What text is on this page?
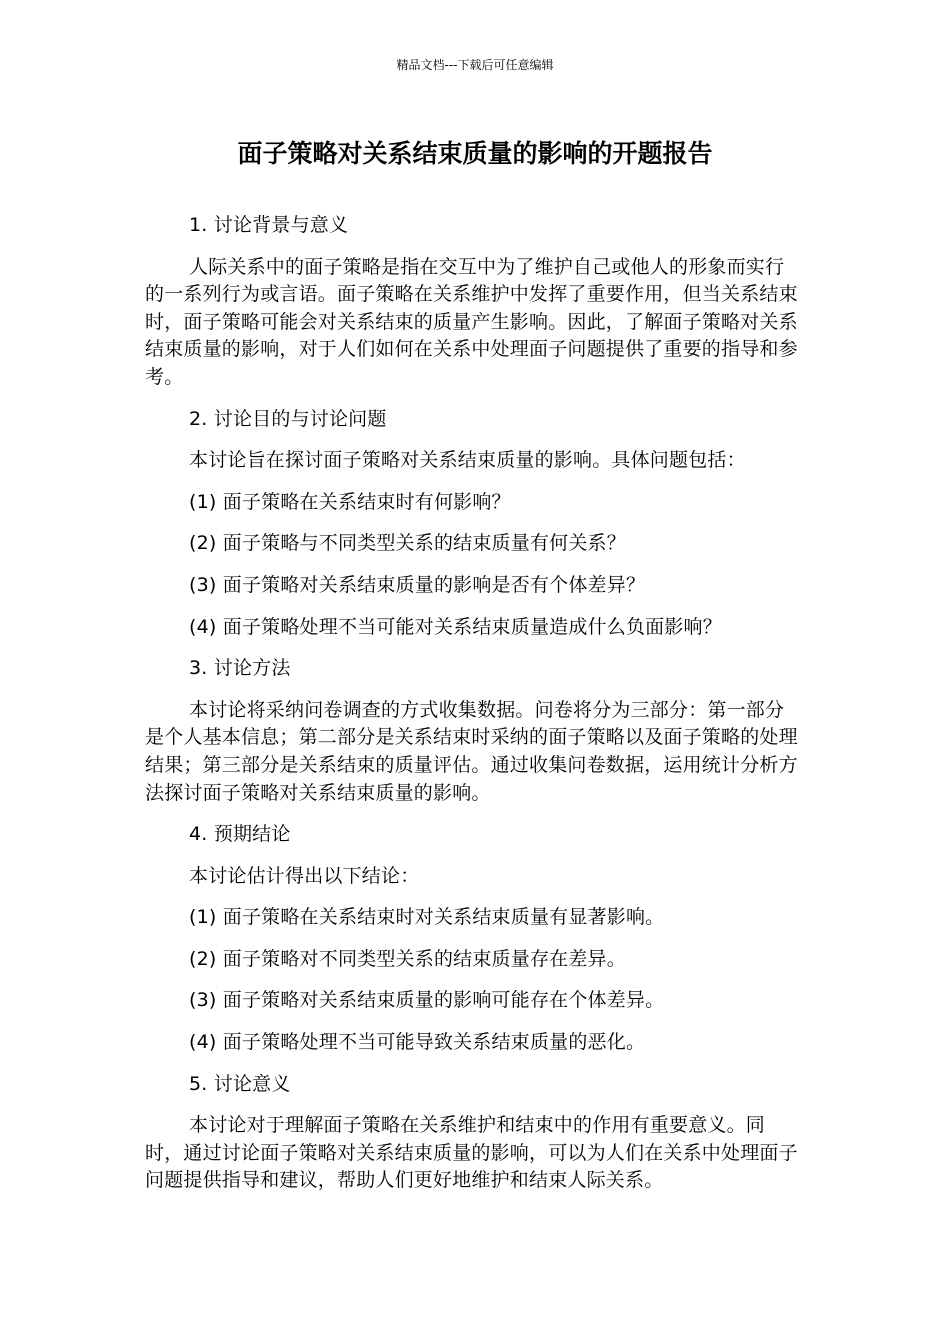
精品文档---下载后可任意编辑
面子策略对关系结束质量的影响的开题报告

1. 讨论背景与意义

人际关系中的面子策略是指在交互中为了维护自己或他人的形象而实行的一系列行为或言语。面子策略在关系维护中发挥了重要作用，但当关系结束时，面子策略可能会对关系结束的质量产生影响。因此，了解面子策略对关系结束质量的影响，对于人们如何在关系中处理面子问题提供了重要的指导和参考。

2. 讨论目的与讨论问题

本讨论旨在探讨面子策略对关系结束质量的影响。具体问题包括：

(1) 面子策略在关系结束时有何影响？

(2) 面子策略与不同类型关系的结束质量有何关系？

(3) 面子策略对关系结束质量的影响是否有个体差异？

(4) 面子策略处理不当可能对关系结束质量造成什么负面影响？

3. 讨论方法

本讨论将采纳问卷调查的方式收集数据。问卷将分为三部分：第一部分是个人基本信息；第二部分是关系结束时采纳的面子策略以及面子策略的处理结果；第三部分是关系结束的质量评估。通过收集问卷数据，运用统计分析方法探讨面子策略对关系结束质量的影响。

4. 预期结论

本讨论估计得出以下结论：

(1) 面子策略在关系结束时对关系结束质量有显著影响。

(2) 面子策略对不同类型关系的结束质量存在差异。

(3) 面子策略对关系结束质量的影响可能存在个体差异。

(4) 面子策略处理不当可能导致关系结束质量的恶化。

5. 讨论意义

本讨论对于理解面子策略在关系维护和结束中的作用有重要意义。同时，通过讨论面子策略对关系结束质量的影响，可以为人们在关系中处理面子问题提供指导和建议，帮助人们更好地维护和结束人际关系。
